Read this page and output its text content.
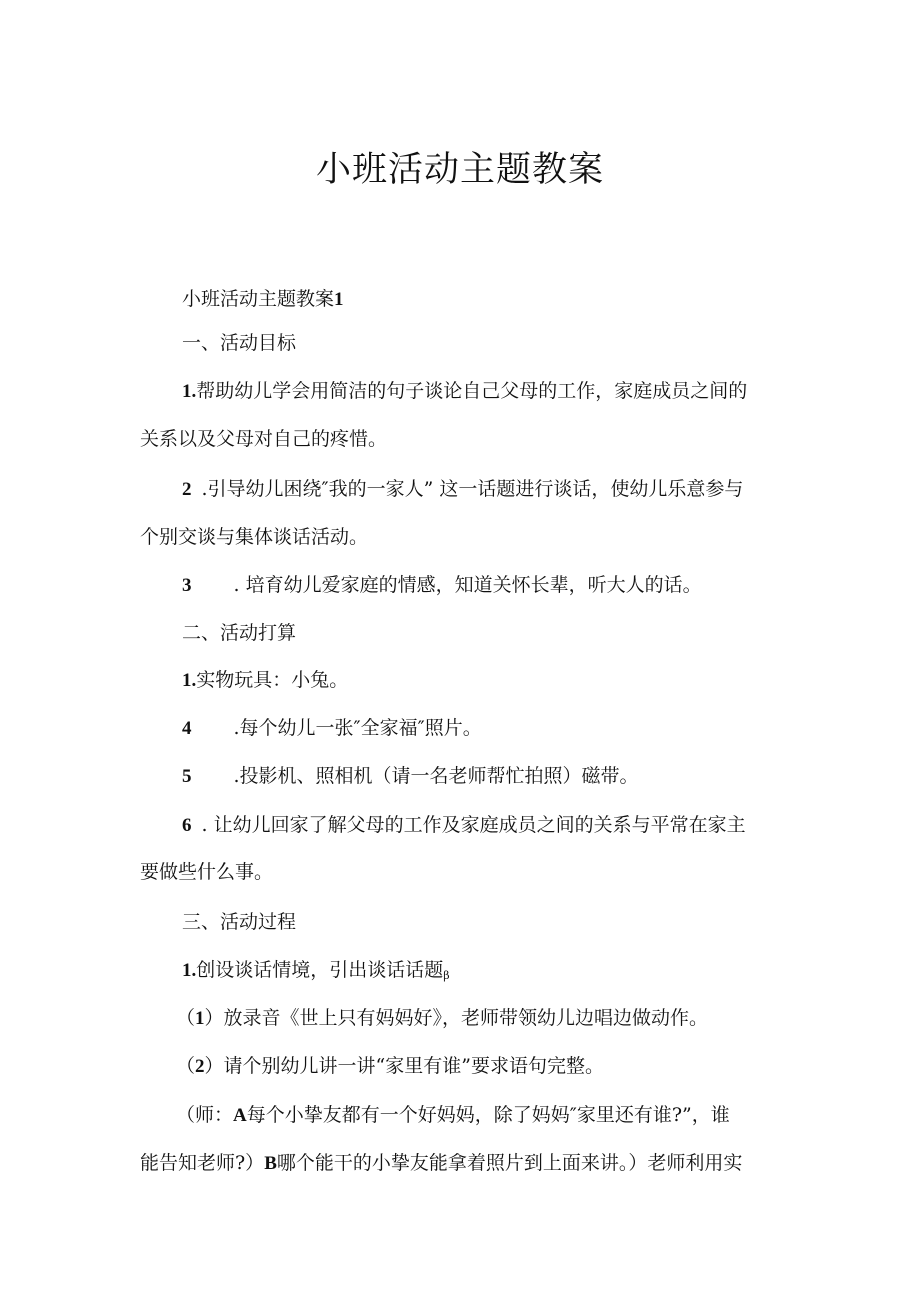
小班活动主题教案
小班活动主题教案1
一、活动目标
1.帮助幼儿学会用简洁的句子谈论自己父母的工作，家庭成员之间的
关系以及父母对自己的疼惜。
2 .引导幼儿困绕″我的一家人” 这一话题进行谈话，使幼儿乐意参与
个别交谈与集体谈话活动。
3 . 培育幼儿爱家庭的情感，知道关怀长辈，听大人的话。
二、活动打算
1.实物玩具：小兔。
4 .每个幼儿一张″全家福″照片。
5 .投影机、照相机（请一名老师帮忙拍照）磁带。
6 . 让幼儿回家了解父母的工作及家庭成员之间的关系与平常在家主
要做些什么事。
三、活动过程
1.创设谈话情境，引出谈话话题$_\beta$
（1）放录音《世上只有妈妈好》，老师带领幼儿边唱边做动作。
（2）请个别幼儿讲一讲“家里有谁”要求语句完整。
（师：A每个小挚友都有一个好妈妈，除了妈妈″家里还有谁?”，谁
能告知老师?）B哪个能干的小挚友能拿着照片到上面来讲。）老师利用实
